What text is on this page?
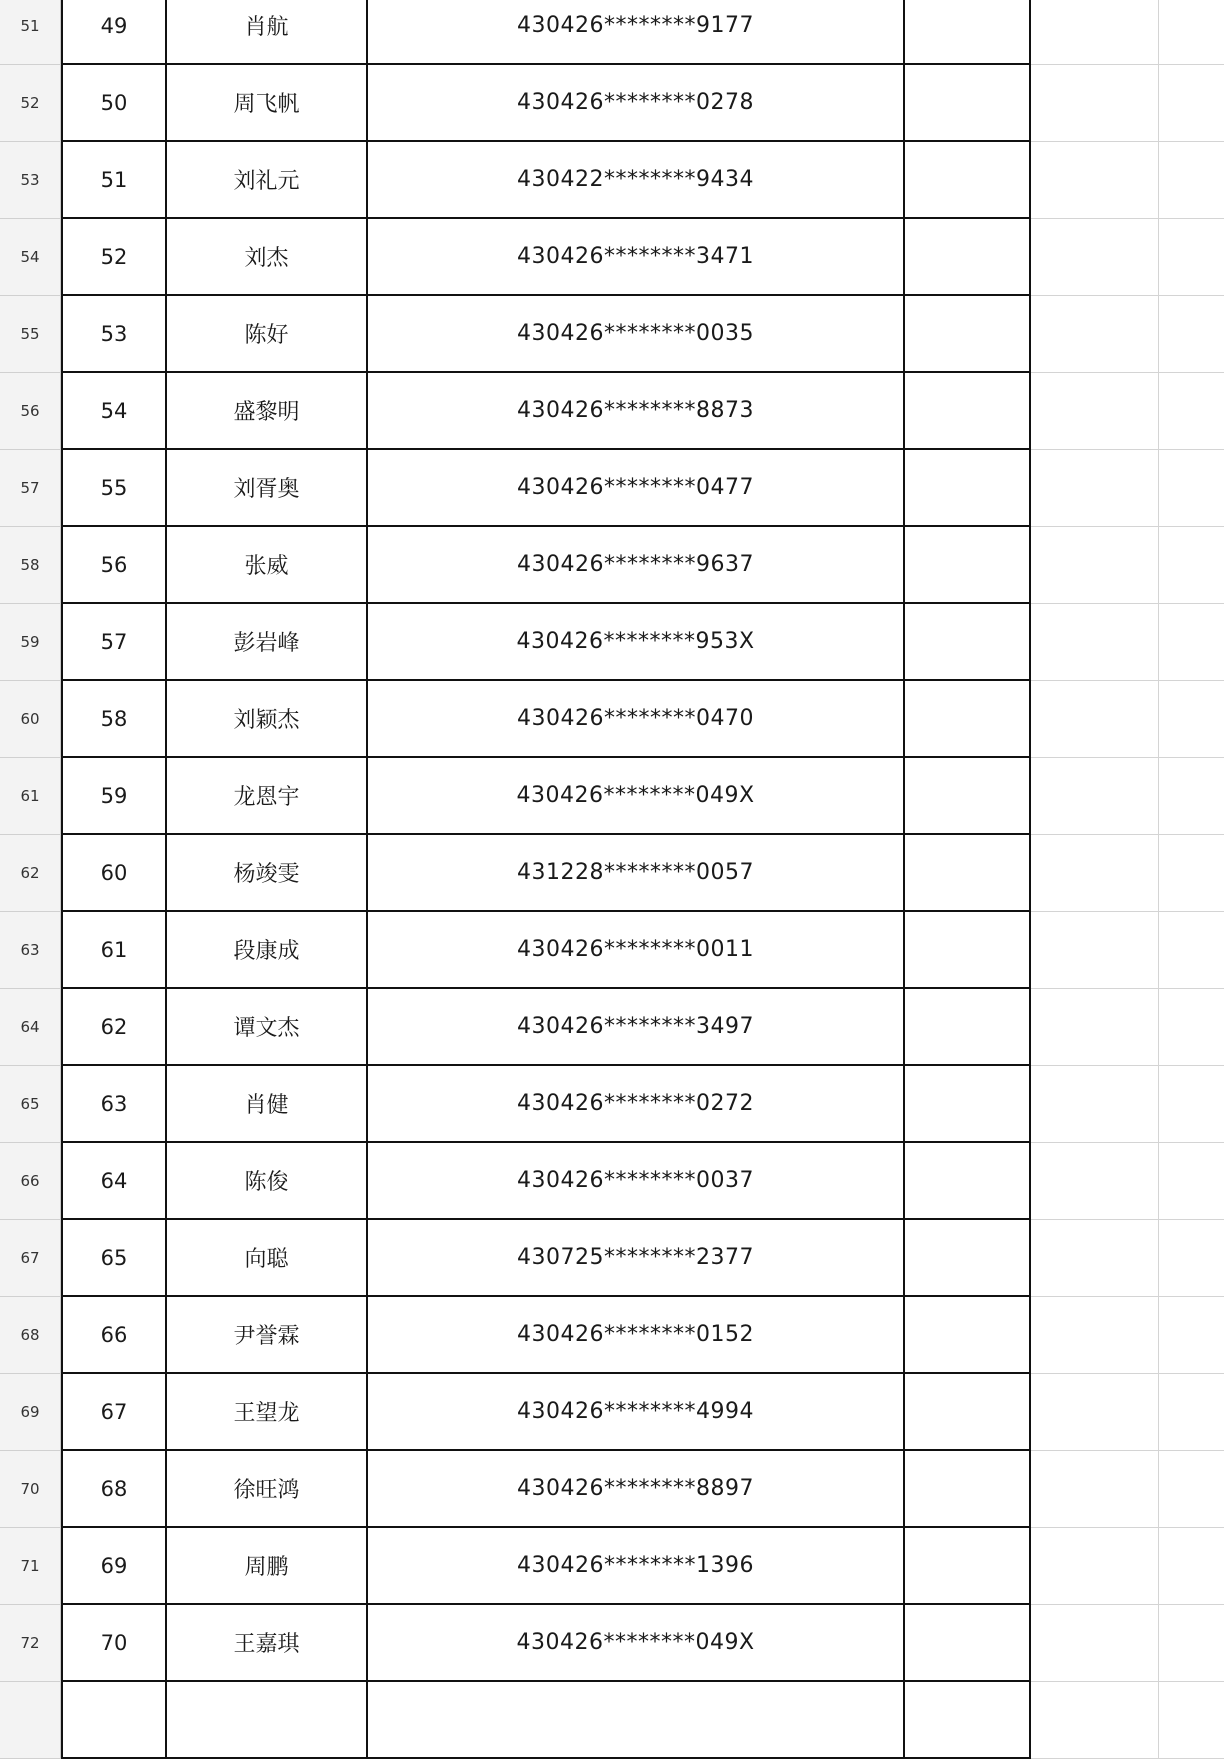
51	49	肖航	430426********9177
52	50	周飞帆	430426********0278
53	51	刘礼元	430422********9434
54	52	刘杰	430426********3471
55	53	陈好	430426********0035
56	54	盛黎明	430426********8873
57	55	刘胥奥	430426********0477
58	56	张威	430426********9637
59	57	彭岩峰	430426********953X
60	58	刘颖杰	430426********0470
61	59	龙恩宇	430426********049X
62	60	杨竣雯	431228********0057
63	61	段康成	430426********0011
64	62	谭文杰	430426********3497
65	63	肖健	430426********0272
66	64	陈俊	430426********0037
67	65	向聪	430725********2377
68	66	尹誉霖	430426********0152
69	67	王望龙	430426********4994
70	68	徐旺鸿	430426********8897
71	69	周鹏	430426********1396
72	70	王嘉琪	430426********049X
